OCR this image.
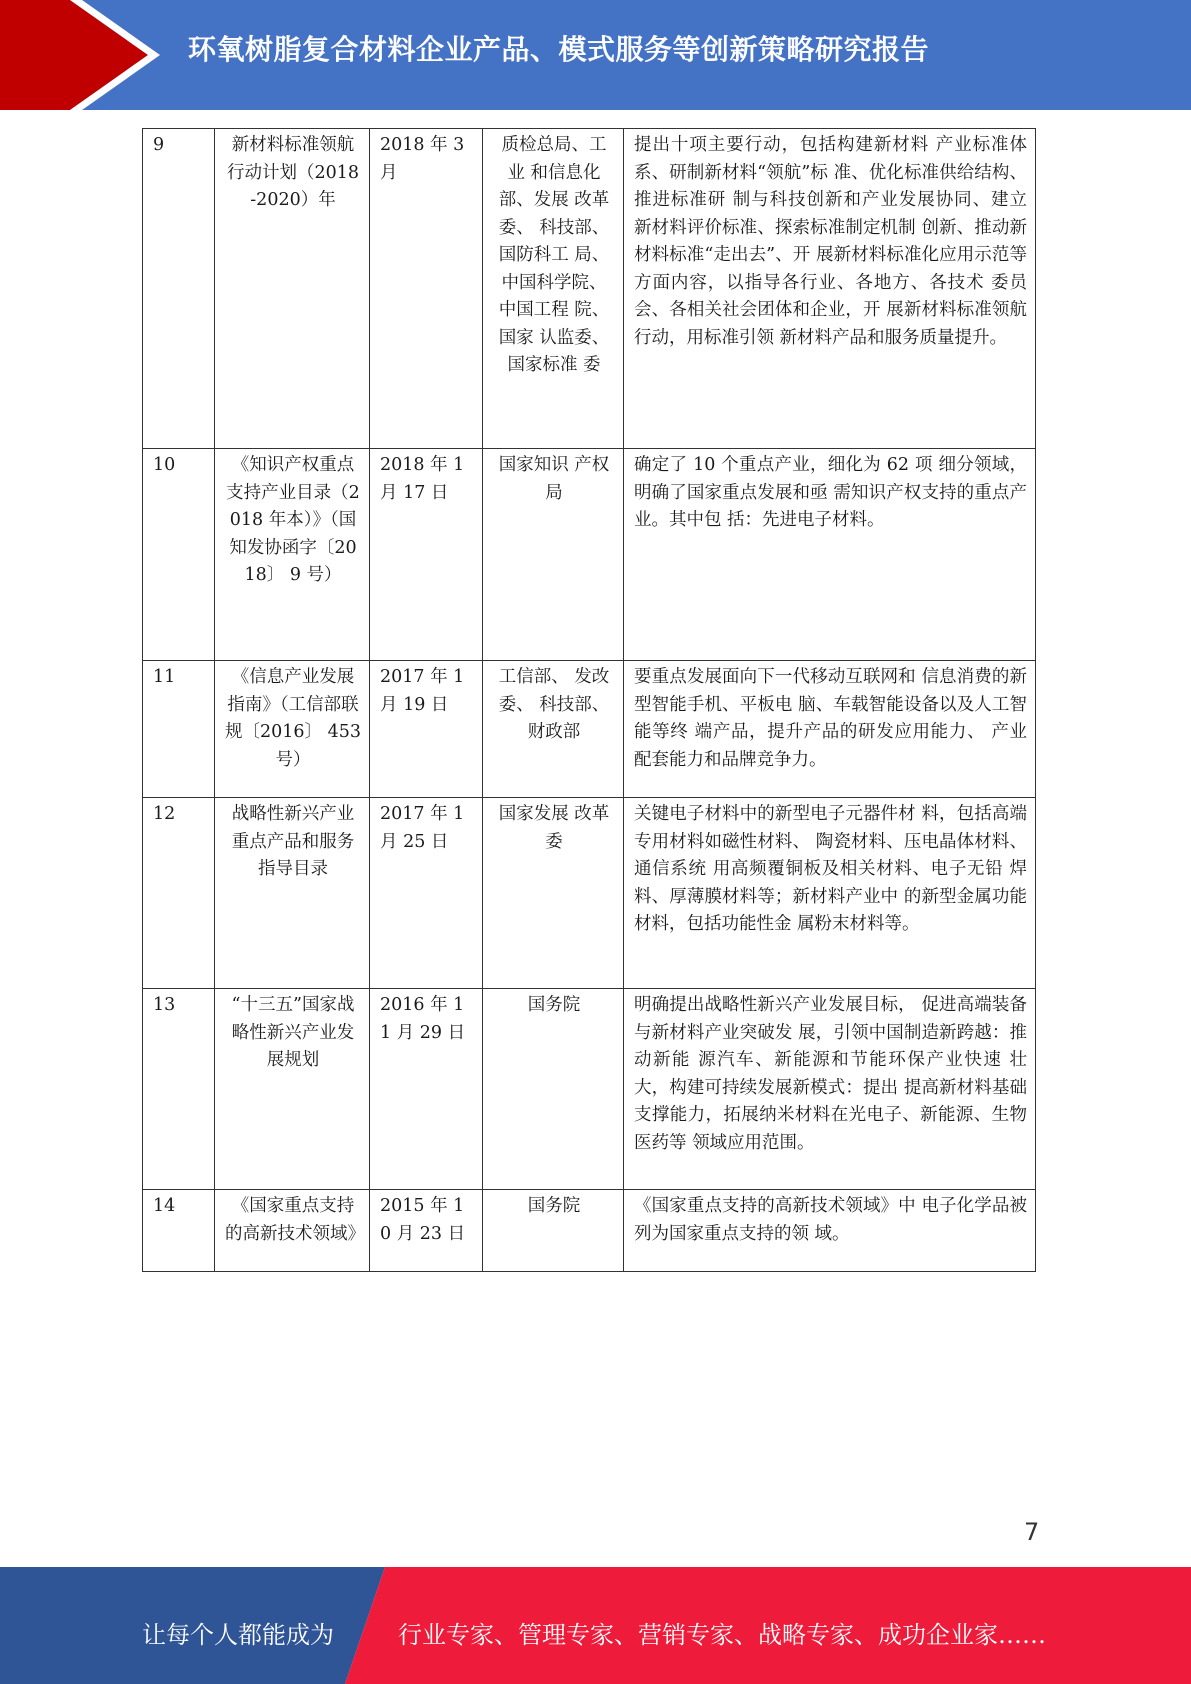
环氧树脂复合材料企业产品、模式服务等创新策略研究报告
9	新材料标准领航行动计划（2018-2020）年	2018 年 3月	质检总局、工业 和信息化部、发展 改革委、 科技部、 国防科工 局、中国科学院、 中国工程 院、 国家 认监委、 国家标准 委	提出十项主要行动，包括构建新材料 产业标准体系、研制新材料“领航”标 准、优化标准供给结构、推进标准研 制与科技创新和产业发展协同、建立 新材料评价标准、探索标准制定机制 创新、推动新材料标准“走出去”、开 展新材料标准化应用示范等方面内容，以指导各行业、各地方、各技术 委员会、各相关社会团体和企业，开 展新材料标准领航行动，用标准引领 新材料产品和服务质量提升。
10	《知识产权重点支持产业目录（2018 年本）》（国知发协函字〔2018〕 9 号）	2018 年 1 月 17 日	国家知识 产权局	确定了 10 个重点产业，细化为 62 项 细分领域，明确了国家重点发展和亟 需知识产权支持的重点产业。其中包 括：先进电子材料。
11	《信息产业发展指南》（工信部联规〔2016〕 453 号）	2017 年 1 月 19 日	工信部、 发改委、 科技部、 财政部	要重点发展面向下一代移动互联网和 信息消费的新型智能手机、平板电 脑、车载智能设备以及人工智能等终 端产品，提升产品的研发应用能力、 产业配套能力和品牌竞争力。
12	战略性新兴产业重点产品和服务指导目录	2017 年 1 月 25 日	国家发展 改革委	关键电子材料中的新型电子元器件材 料，包括高端专用材料如磁性材料、 陶瓷材料、压电晶体材料、通信系统 用高频覆铜板及相关材料、电子无铅 焊料、厚薄膜材料等；新材料产业中 的新型金属功能材料，包括功能性金 属粉末材料等。
13	“十三五”国家战略性新兴产业发展规划	2016 年 11 月 29 日	国务院	明确提出战略性新兴产业发展目标， 促进高端装备与新材料产业突破发 展，引领中国制造新跨越：推动新能 源汽车、新能源和节能环保产业快速 壮大，构建可持续发展新模式：提出 提高新材料基础支撑能力，拓展纳米材料在光电子、新能源、生物医药等 领域应用范围。
14	《国家重点支持的高新技术领域》	2015 年 10 月 23 日	国务院	《国家重点支持的高新技术领域》中 电子化学品被列为国家重点支持的领 域。
7
让每个人都能成为	行业专家、管理专家、营销专家、战略专家、成功企业家……
